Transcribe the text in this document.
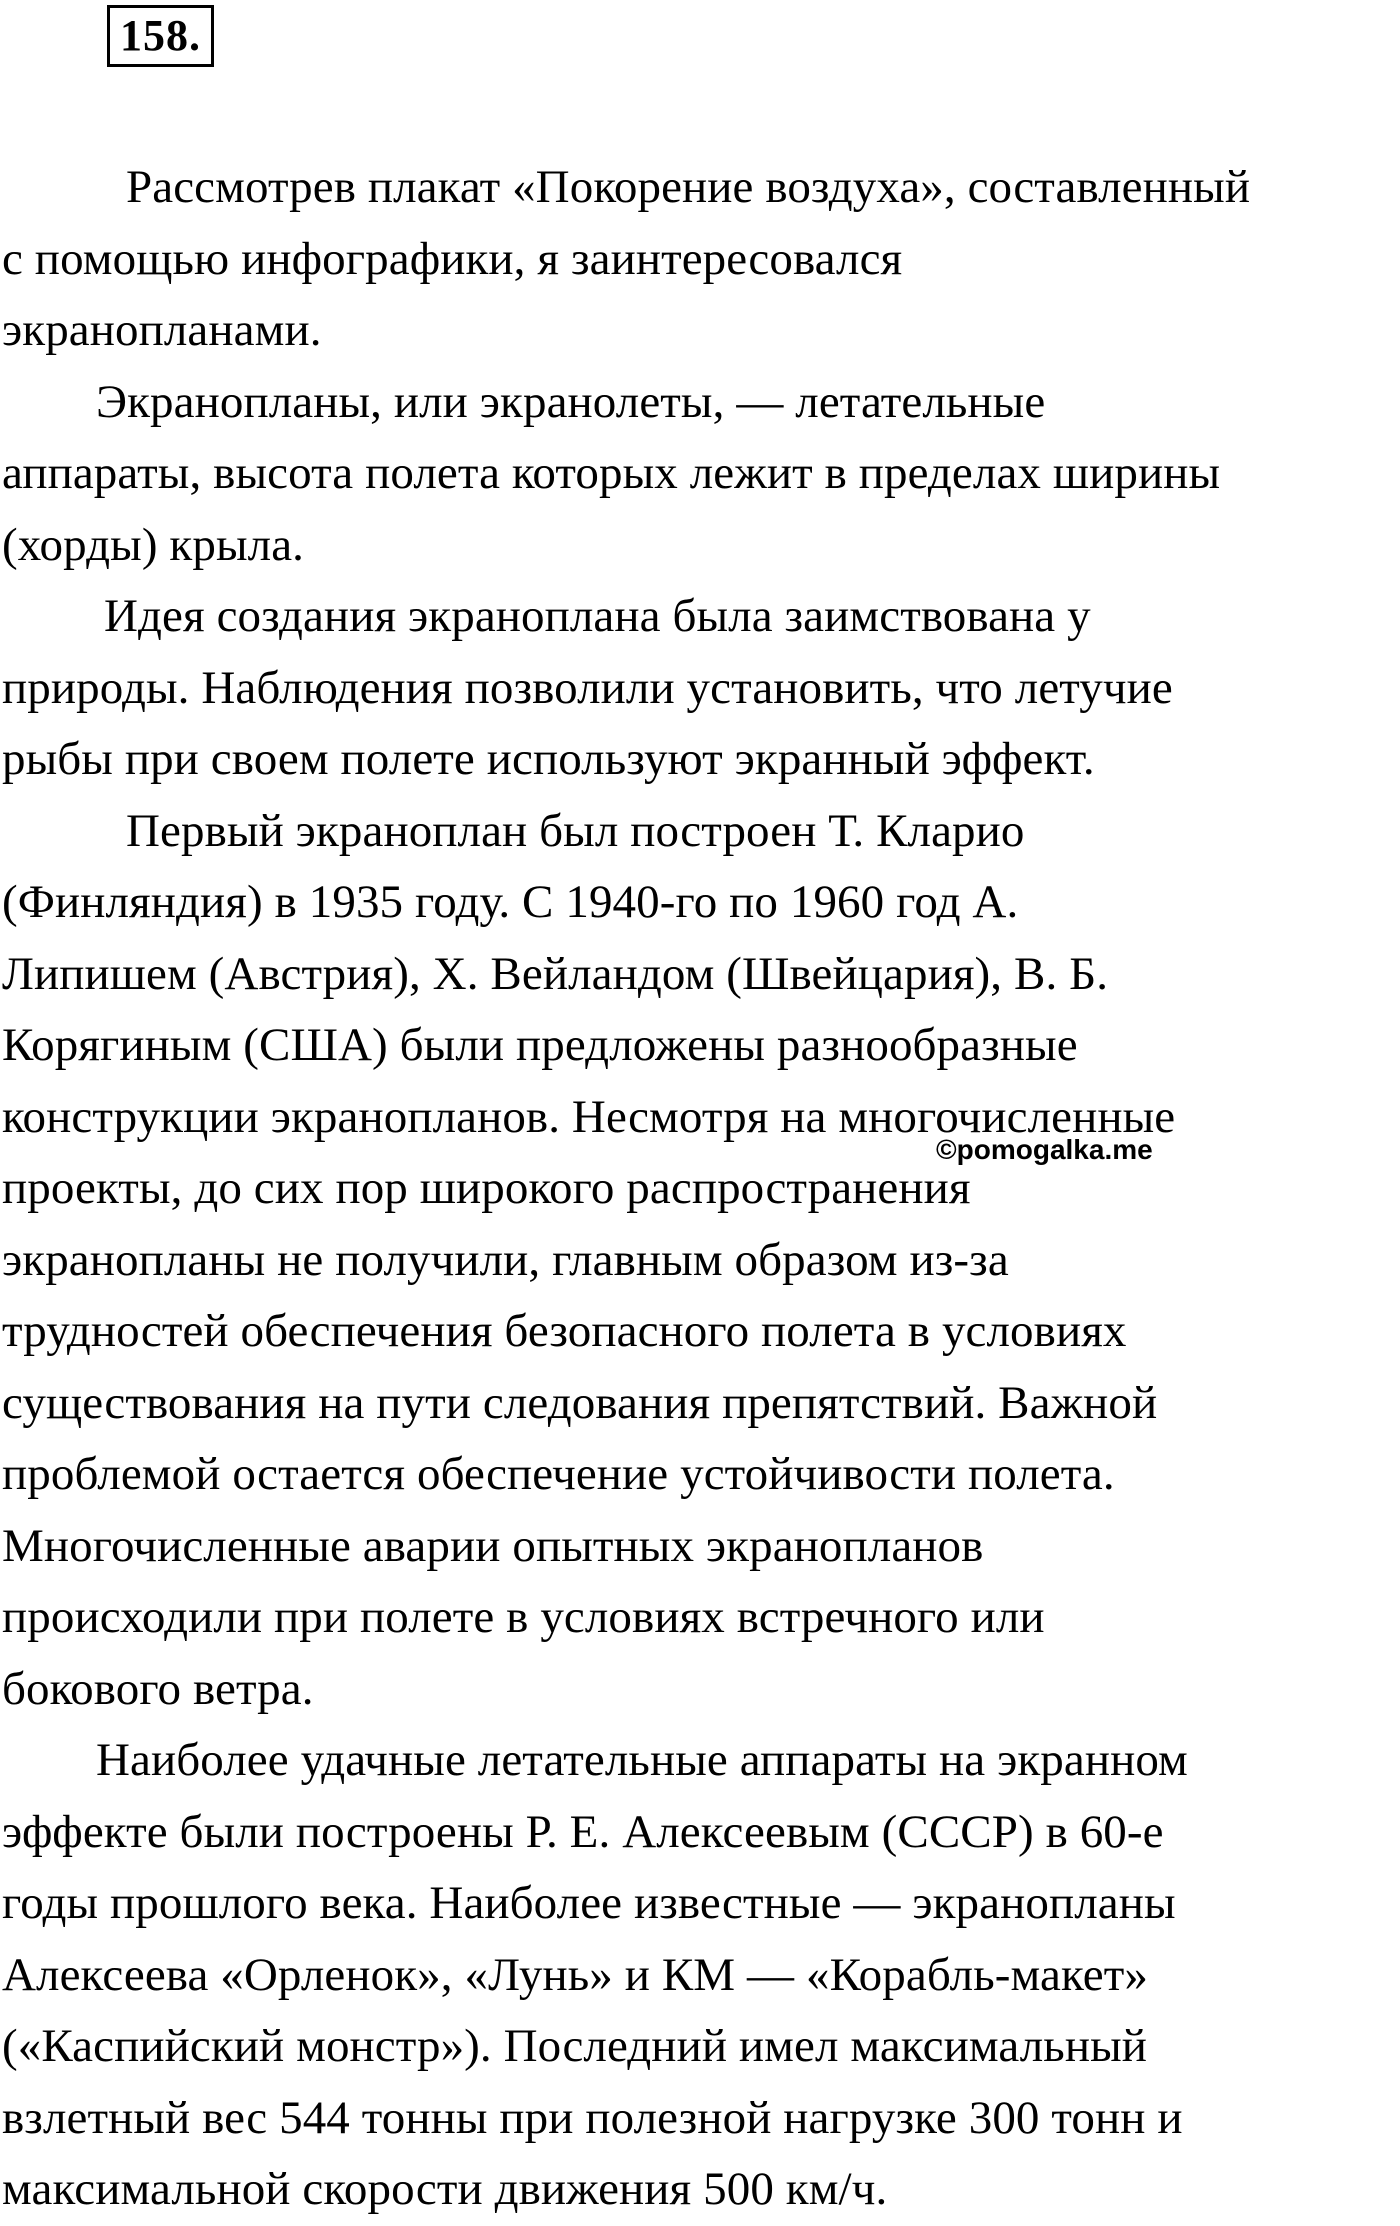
158.
Рассмотрев плакат «Покорение воздуха», составленный
с помощью инфографики, я заинтересовался
экранопланами.
Экранопланы, или экранолеты, — летательные
аппараты, высота полета которых лежит в пределах ширины
(хорды) крыла.
Идея создания экраноплана была заимствована у
природы. Наблюдения позволили установить, что летучие
рыбы при своем полете используют экранный эффект.
Первый экраноплан был построен Т. Кларио
(Финляндия) в 1935 году. С 1940-го по 1960 год А.
Липишем (Австрия), Х. Вейландом (Швейцария), В. Б.
Корягиным (США) были предложены разнообразные
конструкции экранопланов. Несмотря на многочисленные
проекты, до сих пор широкого распространения
экранопланы не получили, главным образом из-за
трудностей обеспечения безопасного полета в условиях
существования на пути следования препятствий. Важной
проблемой остается обеспечение устойчивости полета.
Многочисленные аварии опытных экранопланов
происходили при полете в условиях встречного или
бокового ветра.
Наиболее удачные летательные аппараты на экранном
эффекте были построены Р. Е. Алексеевым (СССР) в 60-е
годы прошлого века. Наиболее известные — экранопланы
Алексеева «Орленок», «Лунь» и КМ — «Корабль-макет»
(«Каспийский монстр»). Последний имел максимальный
взлетный вес 544 тонны при полезной нагрузке 300 тонн и
максимальной скорости движения 500 км/ч.
©pomogalka.me
